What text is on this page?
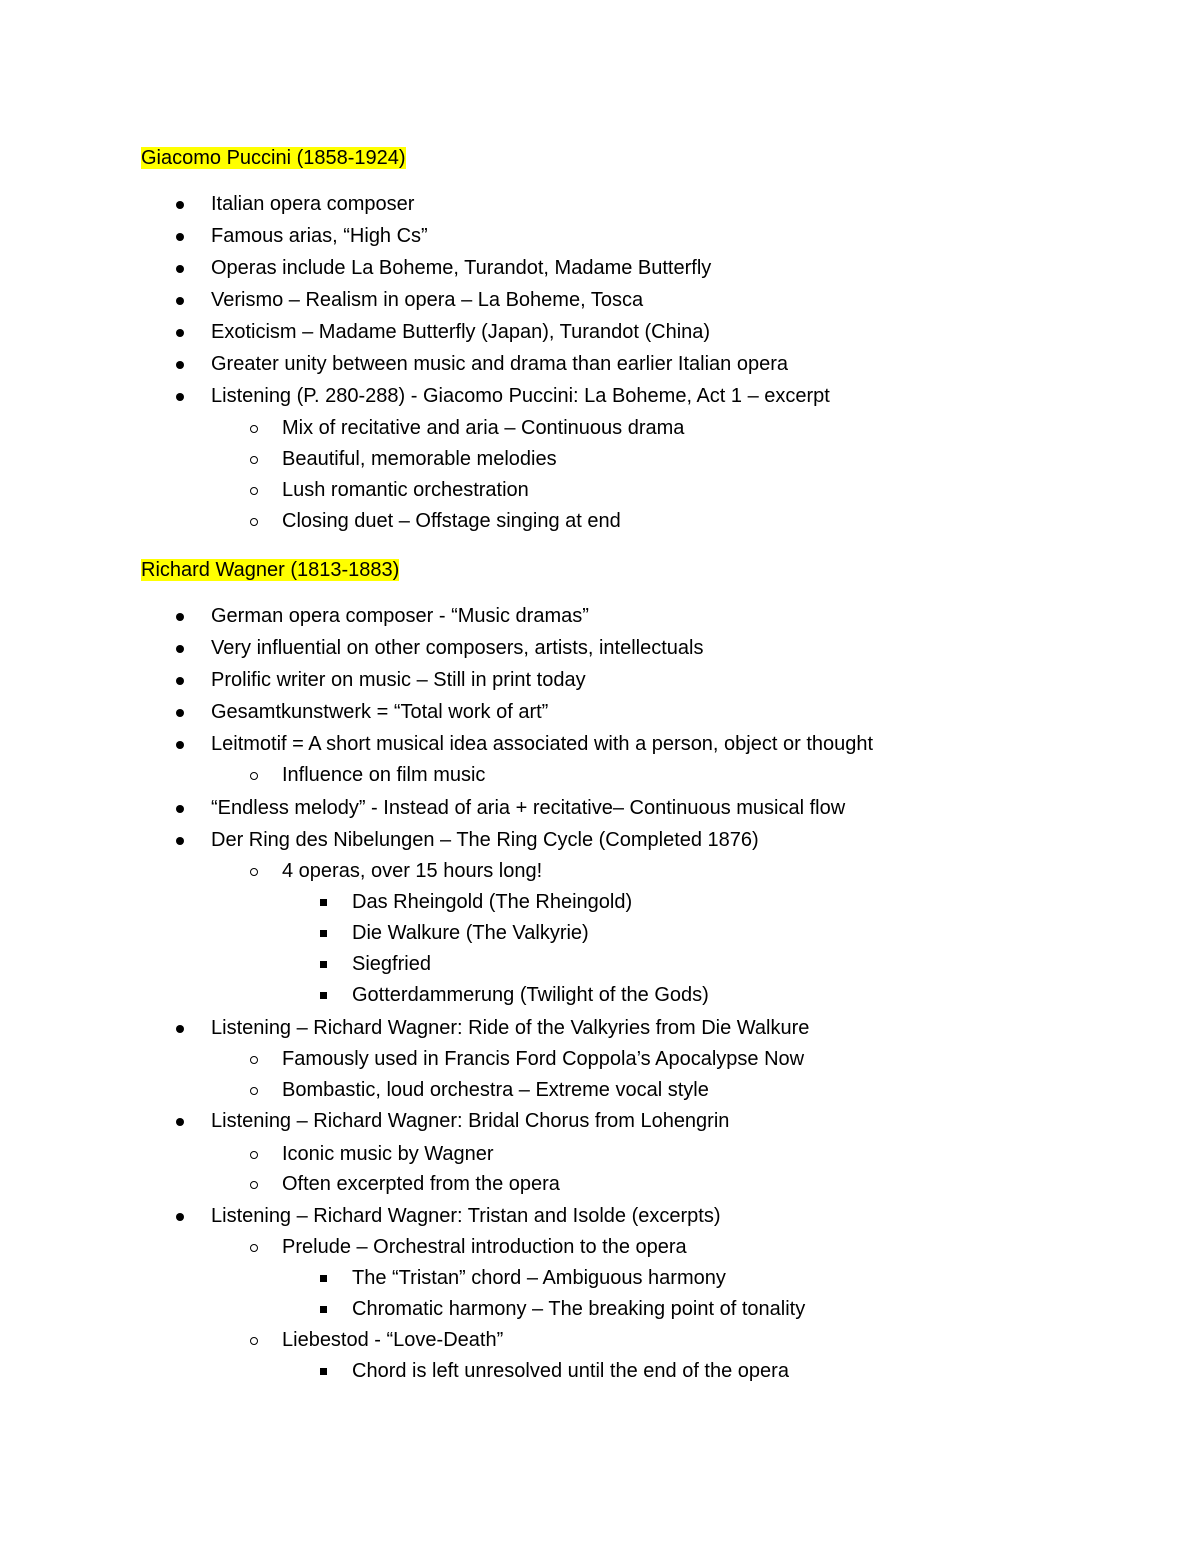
Giacomo Puccini (1858-1924)
Italian opera composer
Famous arias, “High Cs”
Operas include La Boheme, Turandot, Madame Butterfly
Verismo – Realism in opera – La Boheme, Tosca
Exoticism – Madame Butterfly (Japan), Turandot (China)
Greater unity between music and drama than earlier Italian opera
Listening (P. 280-288) - Giacomo Puccini: La Boheme, Act 1 – excerpt
Mix of recitative and aria – Continuous drama
Beautiful, memorable melodies
Lush romantic orchestration
Closing duet – Offstage singing at end
Richard Wagner (1813-1883)
German opera composer - “Music dramas”
Very influential on other composers, artists, intellectuals
Prolific writer on music – Still in print today
Gesamtkunstwerk = “Total work of art”
Leitmotif = A short musical idea associated with a person, object or thought
Influence on film music
“Endless melody” - Instead of aria + recitative– Continuous musical flow
Der Ring des Nibelungen – The Ring Cycle (Completed 1876)
4 operas, over 15 hours long!
Das Rheingold (The Rheingold)
Die Walkure (The Valkyrie)
Siegfried
Gotterdammerung (Twilight of the Gods)
Listening – Richard Wagner: Ride of the Valkyries from Die Walkure
Famously used in Francis Ford Coppola’s Apocalypse Now
Bombastic, loud orchestra – Extreme vocal style
Listening – Richard Wagner: Bridal Chorus from Lohengrin
Iconic music by Wagner
Often excerpted from the opera
Listening – Richard Wagner: Tristan and Isolde (excerpts)
Prelude – Orchestral introduction to the opera
The “Tristan” chord – Ambiguous harmony
Chromatic harmony – The breaking point of tonality
Liebestod - “Love-Death”
Chord is left unresolved until the end of the opera
